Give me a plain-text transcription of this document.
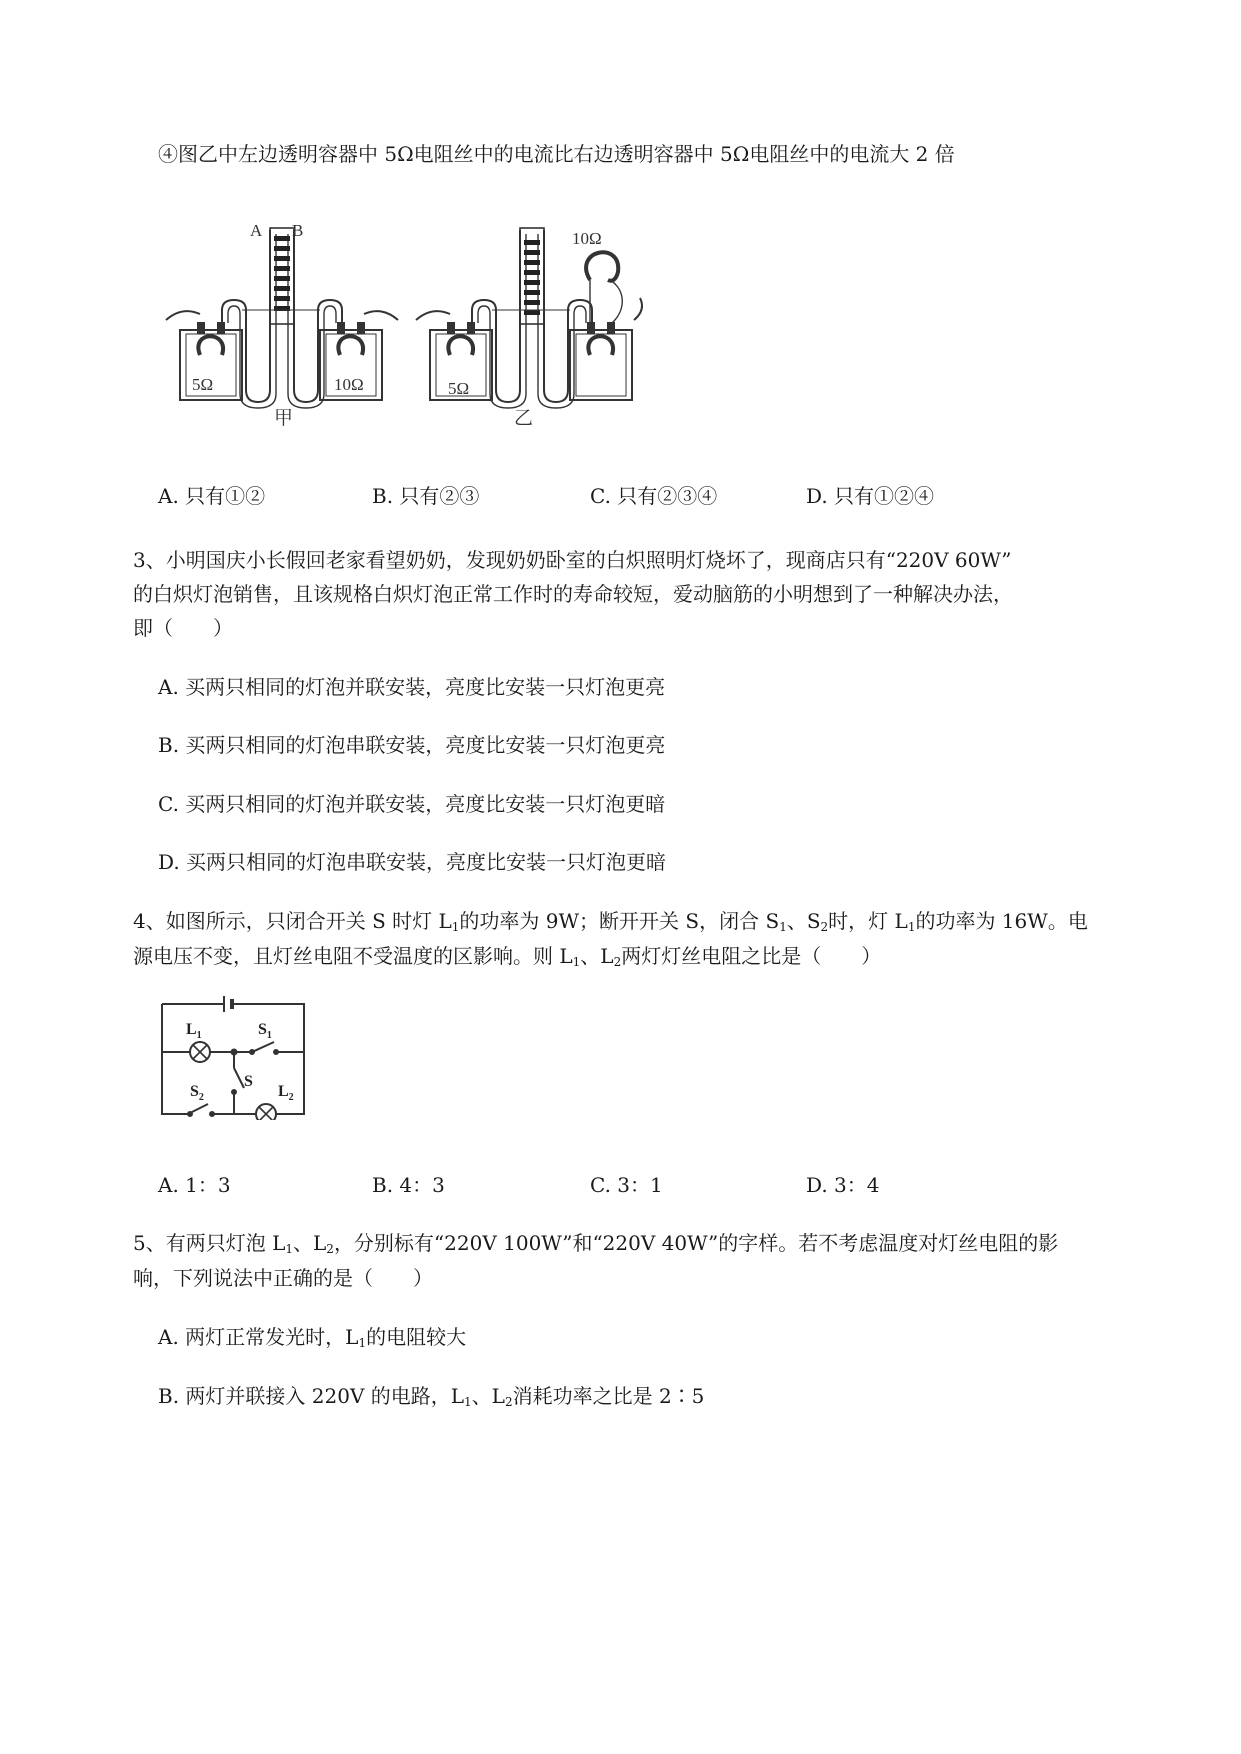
④图乙中左边透明容器中 5Ω电阻丝中的电流比右边透明容器中 5Ω电阻丝中的电流大 2 倍
A B
5Ω	10Ω
甲
10Ω
5Ω
乙
A. 只有①②	B. 只有②③	C. 只有②③④	D. 只有①②④
3、小明国庆小长假回老家看望奶奶，发现奶奶卧室的白炽照明灯烧坏了，现商店只有“220V 60W”
的白炽灯泡销售，且该规格白炽灯泡正常工作时的寿命较短，爱动脑筋的小明想到了一种解决办法，
即（　　）
A. 买两只相同的灯泡并联安装，亮度比安装一只灯泡更亮
B. 买两只相同的灯泡串联安装，亮度比安装一只灯泡更亮
C. 买两只相同的灯泡并联安装，亮度比安装一只灯泡更暗
D. 买两只相同的灯泡串联安装，亮度比安装一只灯泡更暗
4、如图所示，只闭合开关 S 时灯 $L_1$的功率为 9W；断开开关 S，闭合 $S_1$、$S_2$时，灯 $L_1$的功率为 16W。电
源电压不变，且灯丝电阻不受温度的区影响。则 $L_1$、$L_2$两灯灯丝电阻之比是（　　）
$L_1$	$S_1$
$S_2$
S
$L_2$
A. 1：3	B. 4：3	C. 3：1	D. 3：4
5、有两只灯泡 $L_1$、$L_2$，分别标有“220V 100W”和“220V 40W”的字样。若不考虑温度对灯丝电阻的影
响，下列说法中正确的是（　　）
A. 两灯正常发光时，$L_1$的电阻较大
B. 两灯并联接入 220V 的电路，$L_1$、$L_2$消耗功率之比是 2∶5
